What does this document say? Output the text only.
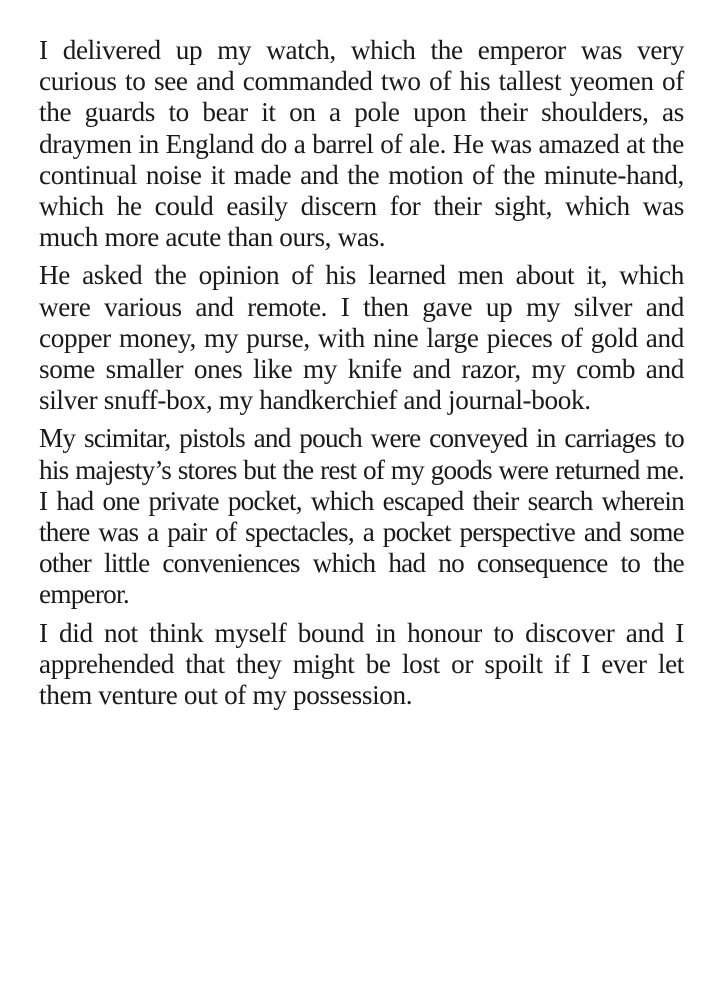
I delivered up my watch, which the emperor was very curious to see and commanded two of his tallest yeomen of the guards to bear it on a pole upon their shoulders, as draymen in England do a barrel of ale. He was amazed at the continual noise it made and the motion of the minute-hand, which he could easily discern for their sight, which was much more acute than ours, was.

He asked the opinion of his learned men about it, which were various and remote. I then gave up my silver and copper money, my purse, with nine large pieces of gold and some smaller ones like my knife and razor, my comb and silver snuff-box, my handkerchief and journal-book.

My scimitar, pistols and pouch were conveyed in carriages to his majesty’s stores but the rest of my goods were returned me. I had one private pocket, which escaped their search wherein there was a pair of spectacles, a pocket perspective and some other little conveniences which had no consequence to the emperor.

I did not think myself bound in honour to discover and I apprehended that they might be lost or spoilt if I ever let them venture out of my possession.
